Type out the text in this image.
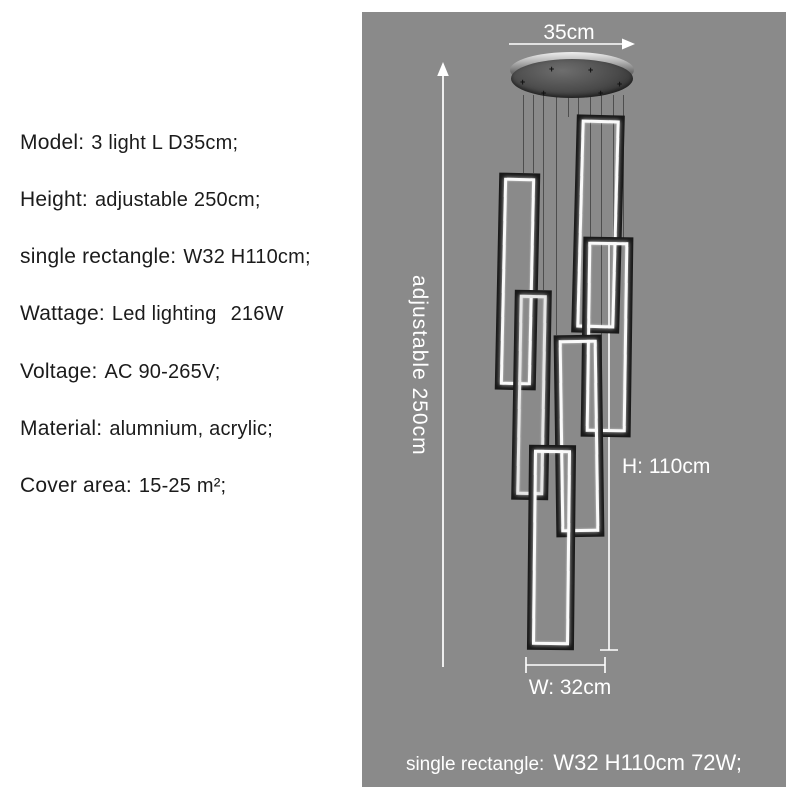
Model: 3 light L D35cm;
Height: adjustable 250cm;
single rectangle: W32 H110cm;
Wattage: Led lighting 216W
Voltage: AC 90-265V;
Material: alumnium, acrylic;
Cover area: 15-25 m²;
+
+	+
+
+	+
35cm
adjustable 250cm
H: 110cm
W: 32cm
single rectangle: W32 H110cm 72W;
